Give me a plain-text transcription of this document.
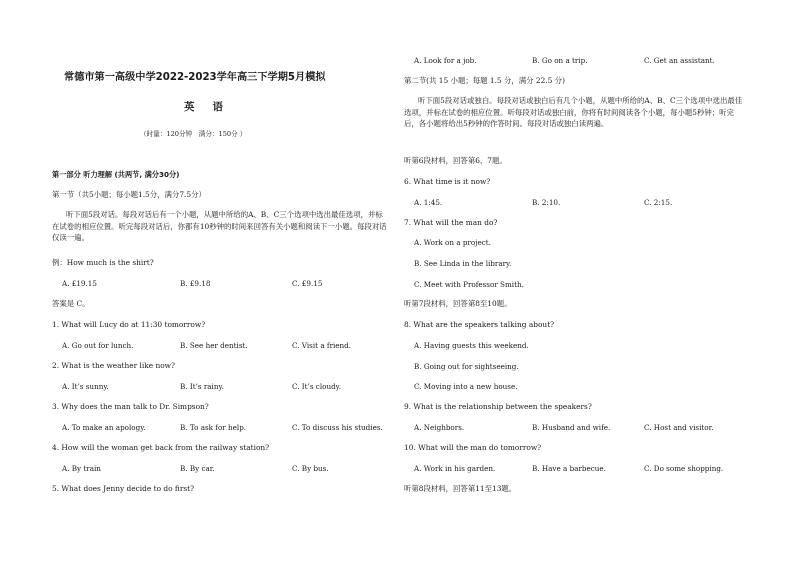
常德市第一高级中学2022-2023学年高三下学期5月模拟
英语
（时量：120分钟　满分：150分 ）
第一部分 听力理解 (共两节, 满分30分)
第一节（共5小题；每小题1.5分，满分7.5分）
听下面5段对话。每段对话后有一个小题，从题中所给的A、B、C三个选项中选出最佳选项，并标在试卷的相应位置。听完每段对话后，你都有10秒钟的时间来回答有关小题和阅读下一小题。每段对话仅读一遍。
例：How much is the shirt?
A. £19.15	B. £9.18	C. £9.15
答案是 C。
1. What will Lucy do at 11:30 tomorrow?
A. Go out for lunch.	B. See her dentist.	C. Visit a friend.
2. What is the weather like now?
A. It’s sunny.	B. It’s rainy.	C. It’s cloudy.
3. Why does the man talk to Dr. Simpson?
A. To make an apology.	B. To ask for help.	C. To discuss his studies.
4. How will the woman get back from the railway station?
A. By train	B. By car.	C. By bus.
5. What does Jenny decide to do first?
A. Look for a job.	B. Go on a trip.	C. Get an assistant.
第二节(共 15 小题；每题 1.5 分，满分 22.5 分)
听下面5段对话或独白。每段对话或独白后有几个小题，从题中所给的A、B、C三个选项中选出最佳选项，并标在试卷的相应位置。听每段对话或独白前，你将有时间阅读各个小题，每小题5秒钟；听完后，各小题将给出5秒钟的作答时间。每段对话或独白读两遍。
听第6段材料，回答第6、7题。
6. What time is it now?
A. 1:45.	B. 2:10.	C. 2:15.
7. What will the man do?
A. Work on a project.
B. See Linda in the library.
C. Meet with Professor Smith.
听第7段材料，回答第8至10题。
8. What are the speakers talking about?
A. Having guests this weekend.
B. Going out for sightseeing.
C. Moving into a new house.
9. What is the relationship between the speakers?
A. Neighbors.	B. Husband and wife.	C. Host and visitor.
10. What will the man do tomorrow?
A. Work in his garden.	B. Have a barbecue.	C. Do some shopping.
听第8段材料，回答第11至13题。
